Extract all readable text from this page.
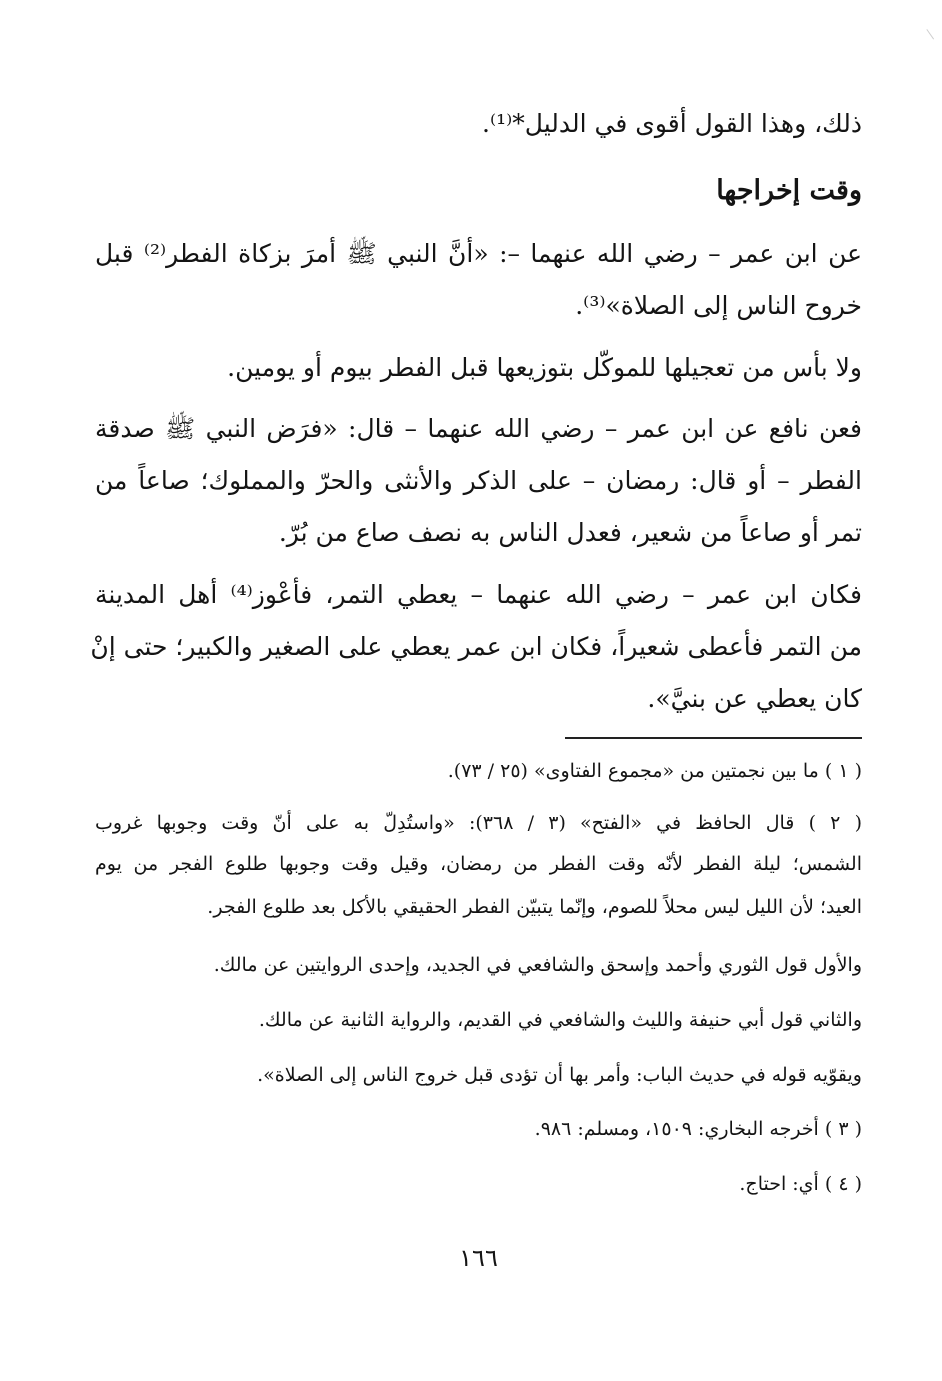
ذلك، وهذا القول أقوى في الدليل*⁽¹⁾.
وقت إخراجها
عن ابن عمر – رضي الله عنهما –: «أنَّ النبي ﷺ أمرَ بزكاة الفطر⁽²⁾ قبل
خروح الناس إلى الصلاة»⁽³⁾.
ولا بأس من تعجيلها للموكّل بتوزيعها قبل الفطر بيوم أو يومين.
فعن نافع عن ابن عمر – رضي الله عنهما – قال: «فرَض النبي ﷺ صدقة
الفطر – أو قال: رمضان – على الذكر والأنثى والحرّ والمملوك؛ صاعاً من
تمر أو صاعاً من شعير، فعدل الناس به نصف صاع من بُرّ.
فكان ابن عمر – رضي الله عنهما – يعطي التمر، فأعْوز⁽⁴⁾ أهل المدينة
من التمر فأعطى شعيراً، فكان ابن عمر يعطي على الصغير والكبير؛ حتى إنْ
كان يعطي عن بنيَّ».
( ١ ) ما بين نجمتين من «مجموع الفتاوى» (٢٥ / ٧٣).
( ٢ ) قال الحافظ في «الفتح» (٣ / ٣٦٨): «واستُدِلّ به على أنّ وقت وجوبها غروب
الشمس؛ ليلة الفطر لأنّه وقت الفطر من رمضان، وقيل وقت وجوبها طلوع الفجر من يوم
العيد؛ لأن الليل ليس محلاً للصوم، وإنّما يتبيّن الفطر الحقيقي بالأكل بعد طلوع الفجر.
والأول قول الثوري وأحمد وإسحق والشافعي في الجديد، وإحدى الروايتين عن مالك.
والثاني قول أبي حنيفة والليث والشافعي في القديم، والرواية الثانية عن مالك.
ويقوّيه قوله في حديث الباب: وأمر بها أن تؤدى قبل خروج الناس إلى الصلاة».
( ٣ ) أخرجه البخاري: ١٥٠٩، ومسلم: ٩٨٦.
( ٤ ) أي: احتاج.
١٦٦
